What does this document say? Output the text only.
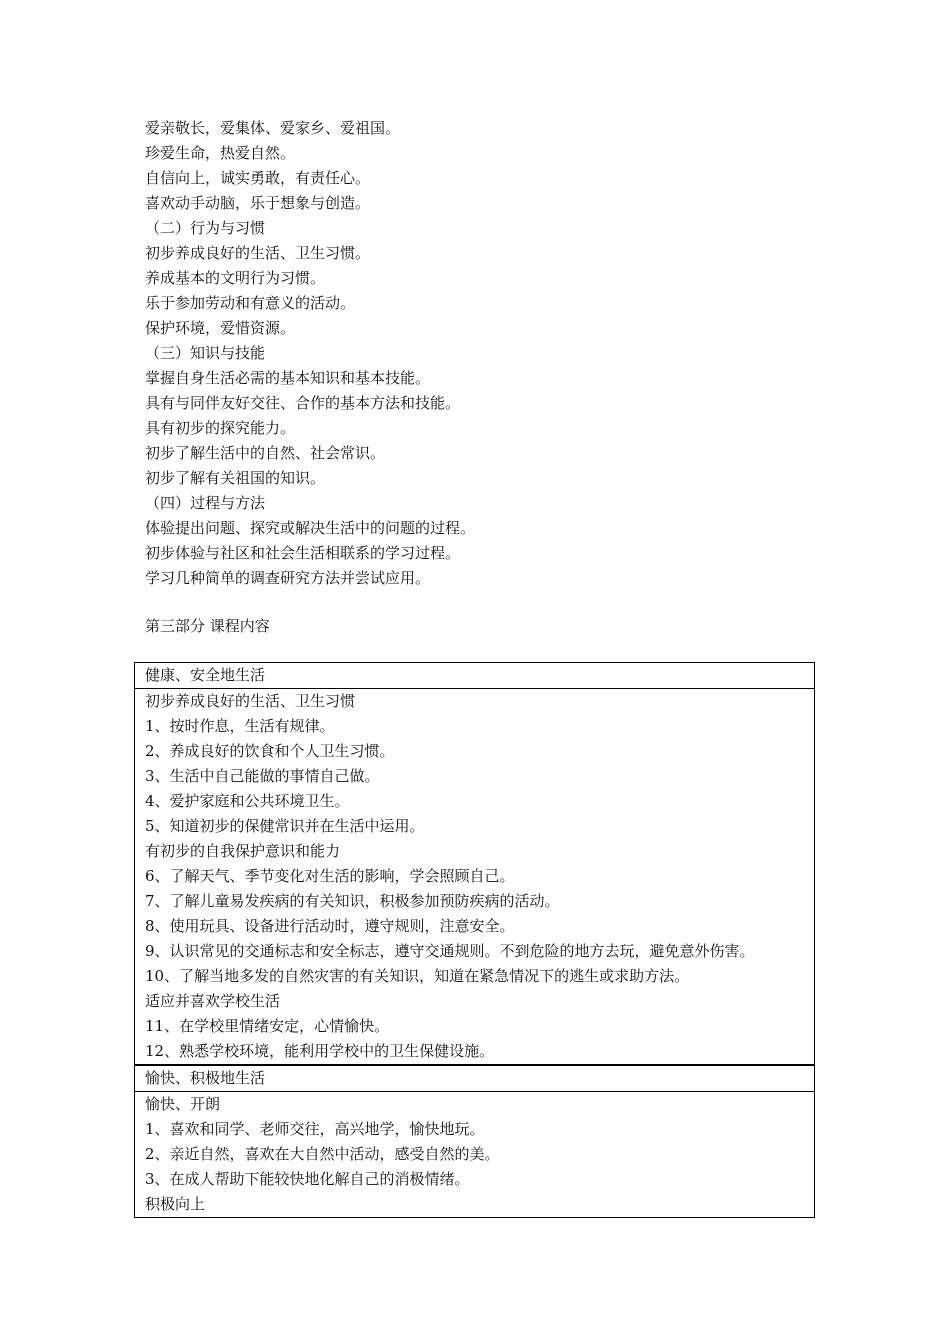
爱亲敬长，爱集体、爱家乡、爱祖国。
珍爱生命，热爱自然。
自信向上，诚实勇敢，有责任心。
喜欢动手动脑，乐于想象与创造。
（二）行为与习惯
初步养成良好的生活、卫生习惯。
养成基本的文明行为习惯。
乐于参加劳动和有意义的活动。
保护环境，爱惜资源。
（三）知识与技能
掌握自身生活必需的基本知识和基本技能。
具有与同伴友好交往、合作的基本方法和技能。
具有初步的探究能力。
初步了解生活中的自然、社会常识。
初步了解有关祖国的知识。
（四）过程与方法
体验提出问题、探究或解决生活中的问题的过程。
初步体验与社区和社会生活相联系的学习过程。
学习几种简单的调查研究方法并尝试应用。
第三部分 课程内容
健康、安全地生活
初步养成良好的生活、卫生习惯
1、按时作息，生活有规律。
2、养成良好的饮食和个人卫生习惯。
3、生活中自己能做的事情自己做。
4、爱护家庭和公共环境卫生。
5、知道初步的保健常识并在生活中运用。
有初步的自我保护意识和能力
6、了解天气、季节变化对生活的影响，学会照顾自己。
7、了解儿童易发疾病的有关知识，积极参加预防疾病的活动。
8、使用玩具、设备进行活动时，遵守规则，注意安全。
9、认识常见的交通标志和安全标志，遵守交通规则。不到危险的地方去玩，避免意外伤害。
10、了解当地多发的自然灾害的有关知识，知道在紧急情况下的逃生或求助方法。
适应并喜欢学校生活
11、在学校里情绪安定，心情愉快。
12、熟悉学校环境，能利用学校中的卫生保健设施。
愉快、积极地生活
愉快、开朗
1、喜欢和同学、老师交往，高兴地学，愉快地玩。
2、亲近自然，喜欢在大自然中活动，感受自然的美。
3、在成人帮助下能较快地化解自己的消极情绪。
积极向上
